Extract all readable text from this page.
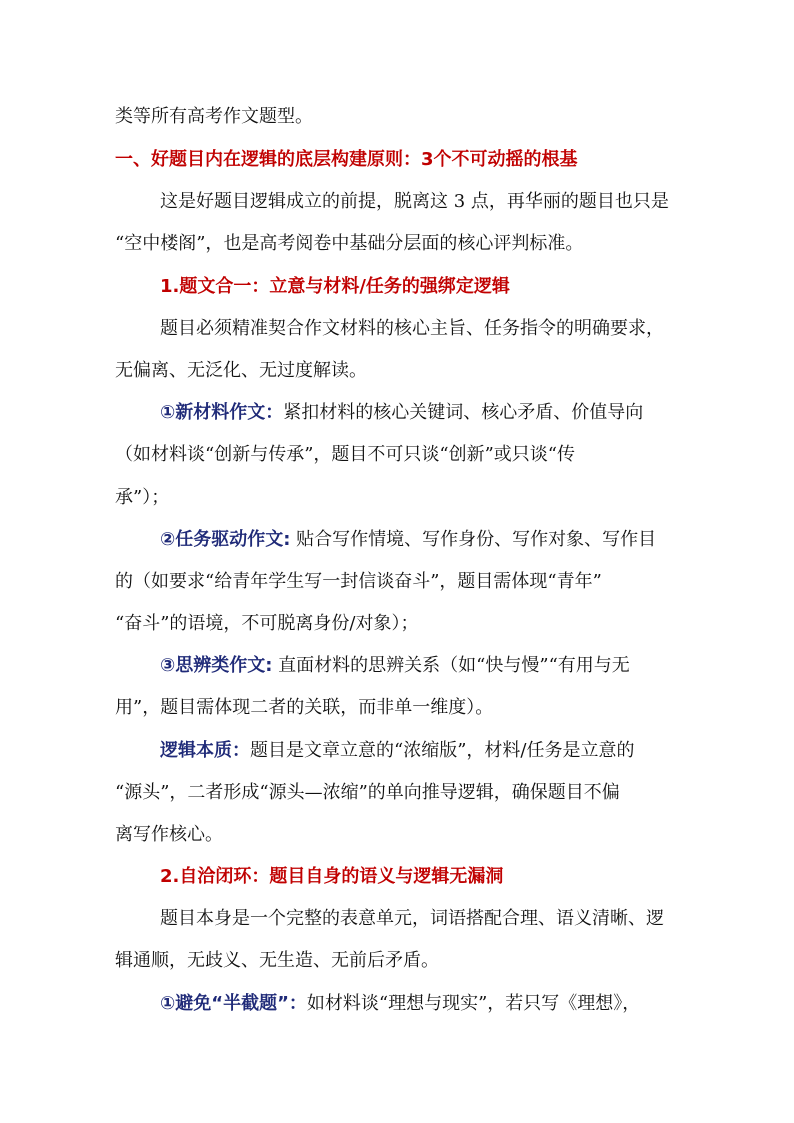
类等所有高考作文题型。
一、好题目内在逻辑的底层构建原则：3个不可动摇的根基
这是好题目逻辑成立的前提，脱离这 3 点，再华丽的题目也只是
“空中楼阁”，也是高考阅卷中基础分层面的核心评判标准。
1.题文合一：立意与材料/任务的强绑定逻辑
题目必须精准契合作文材料的核心主旨、任务指令的明确要求，
无偏离、无泛化、无过度解读。
①新材料作文：紧扣材料的核心关键词、核心矛盾、价值导向
（如材料谈“创新与传承”，题目不可只谈“创新”或只谈“传
承”）；
②任务驱动作文: 贴合写作情境、写作身份、写作对象、写作目
的（如要求“给青年学生写一封信谈奋斗”，题目需体现“青年”
“奋斗”的语境，不可脱离身份/对象）；
③思辨类作文: 直面材料的思辨关系（如“快与慢”“有用与无
用”，题目需体现二者的关联，而非单一维度）。
逻辑本质：题目是文章立意的“浓缩版”，材料/任务是立意的
“源头”，二者形成“源头—浓缩”的单向推导逻辑，确保题目不偏
离写作核心。
2.自洽闭环：题目自身的语义与逻辑无漏洞
题目本身是一个完整的表意单元，词语搭配合理、语义清晰、逻
辑通顺，无歧义、无生造、无前后矛盾。
①避免“半截题”：如材料谈“理想与现实”，若只写《理想》，
